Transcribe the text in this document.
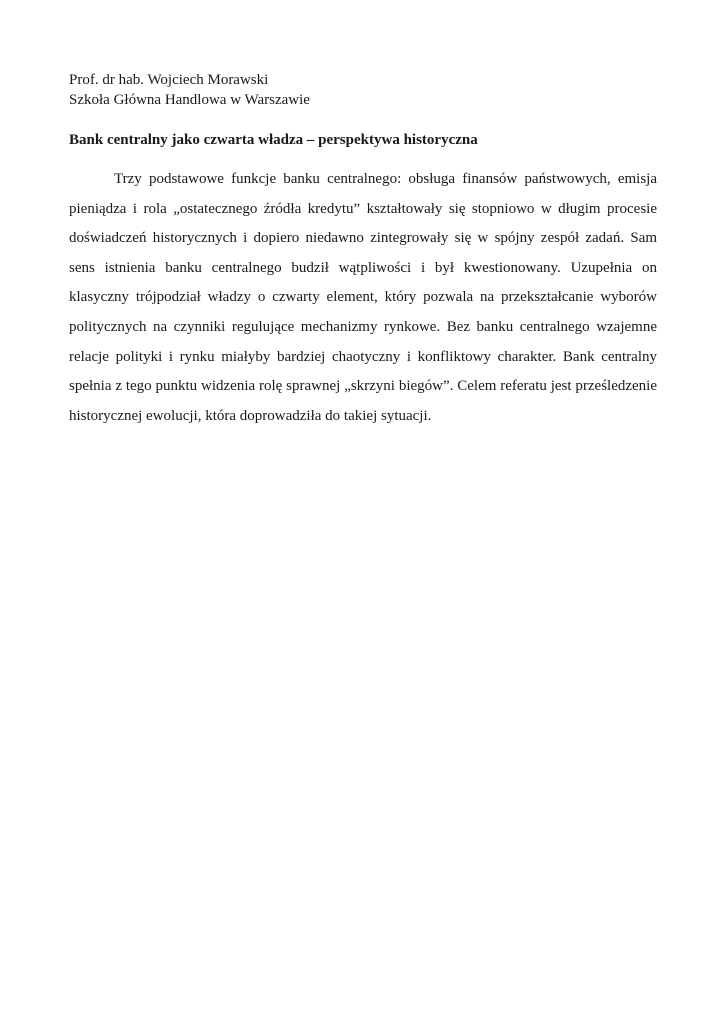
Prof. dr hab. Wojciech Morawski
Szkoła Główna Handlowa w Warszawie
Bank centralny jako czwarta władza – perspektywa historyczna

Trzy podstawowe funkcje banku centralnego: obsługa finansów państwowych, emisja pieniądza i rola „ostatecznego źródła kredytu” kształtowały się stopniowo w długim procesie doświadczeń historycznych i dopiero niedawno zintegrowały się w spójny zespół zadań. Sam sens istnienia banku centralnego budził wątpliwości i był kwestionowany. Uzupełnia on klasyczny trójpodział władzy o czwarty element, który pozwala na przekształcanie wyborów politycznych na czynniki regulujące mechanizmy rynkowe. Bez banku centralnego wzajemne relacje polityki i rynku miałyby bardziej chaotyczny i konfliktowy charakter. Bank centralny spełnia z tego punktu widzenia rolę sprawnej „skrzyni biegów”. Celem referatu jest prześledzenie historycznej ewolucji, która doprowadziła do takiej sytuacji.
